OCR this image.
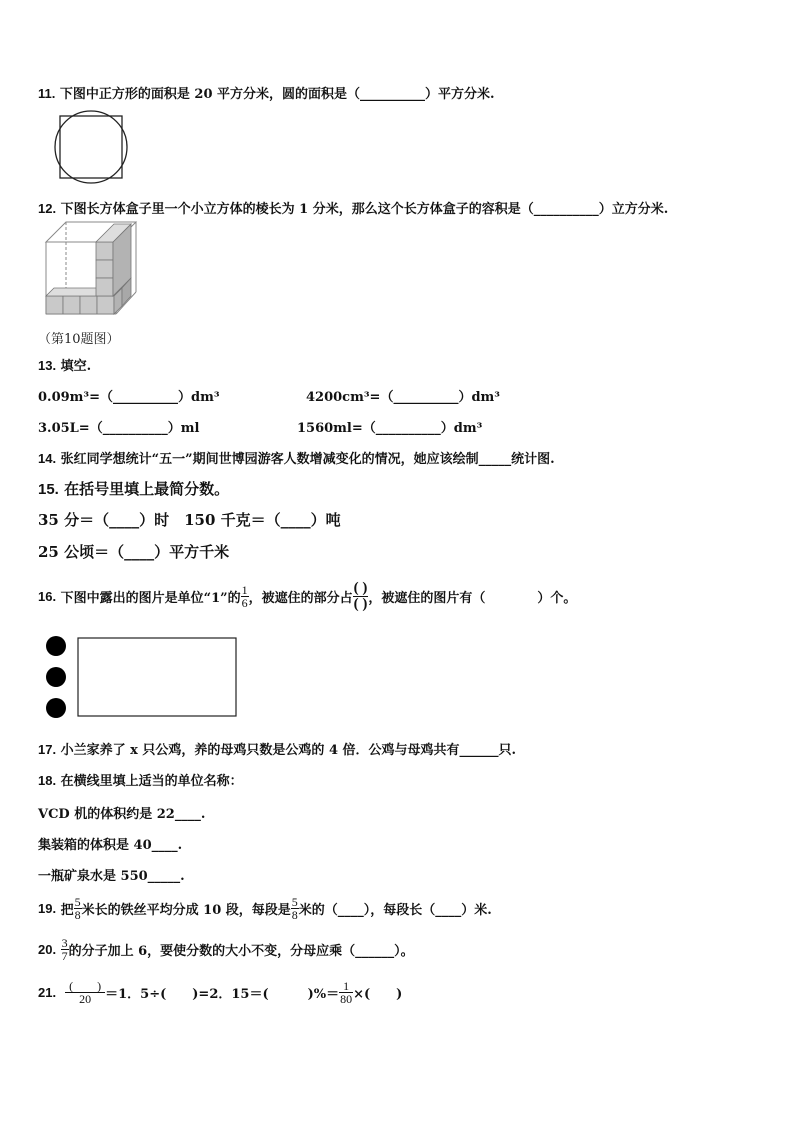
11. 下图中正方形的面积是 20 平方分米，圆的面积是（__________）平方分米.
12. 下图长方体盒子里一个小立方体的棱长为 1 分米，那么这个长方体盒子的容积是（__________）立方分米.
（第10题图）
13. 填空.
0.09m³=（__________）dm³	4200cm³=（__________）dm³
3.05L=（__________）ml	1560ml=（__________）dm³
14. 张红同学想统计“五一”期间世博园游客人数增减变化的情况，她应该绘制_____统计图.
15. 在括号里填上最简分数。
35 分＝（____）时　150 千克＝（____）吨
25 公顷＝（____）平方千米
16.
下图中露出的图片是单位“1”的 $\frac{1}{6}$ ，被遮住的部分占 $\frac{( )}{( )}$ ，被遮住的图片有（　　　　）个。
17. 小兰家养了 x 只公鸡，养的母鸡只数是公鸡的 4 倍．公鸡与母鸡共有______只.
18. 在横线里填上适当的单位名称：
VCD 机的体积约是 22____.
集装箱的体积是 40____.
一瓶矿泉水是 550_____.
19.
把 $\frac{5}{8}$ 米长的铁丝平均分成 10 段，每段是 $\frac{5}{8}$ 米的（____），每段长（____）米.
20.
$\frac{3}{7}$ 的分子加上 6，要使分数的大小不变，分母应乘（______）。
21.
$\frac{( )}{20} =1$．5÷(　　)=2．15＝(　　　)%＝ $\frac{1}{80}$ ×(　　)
